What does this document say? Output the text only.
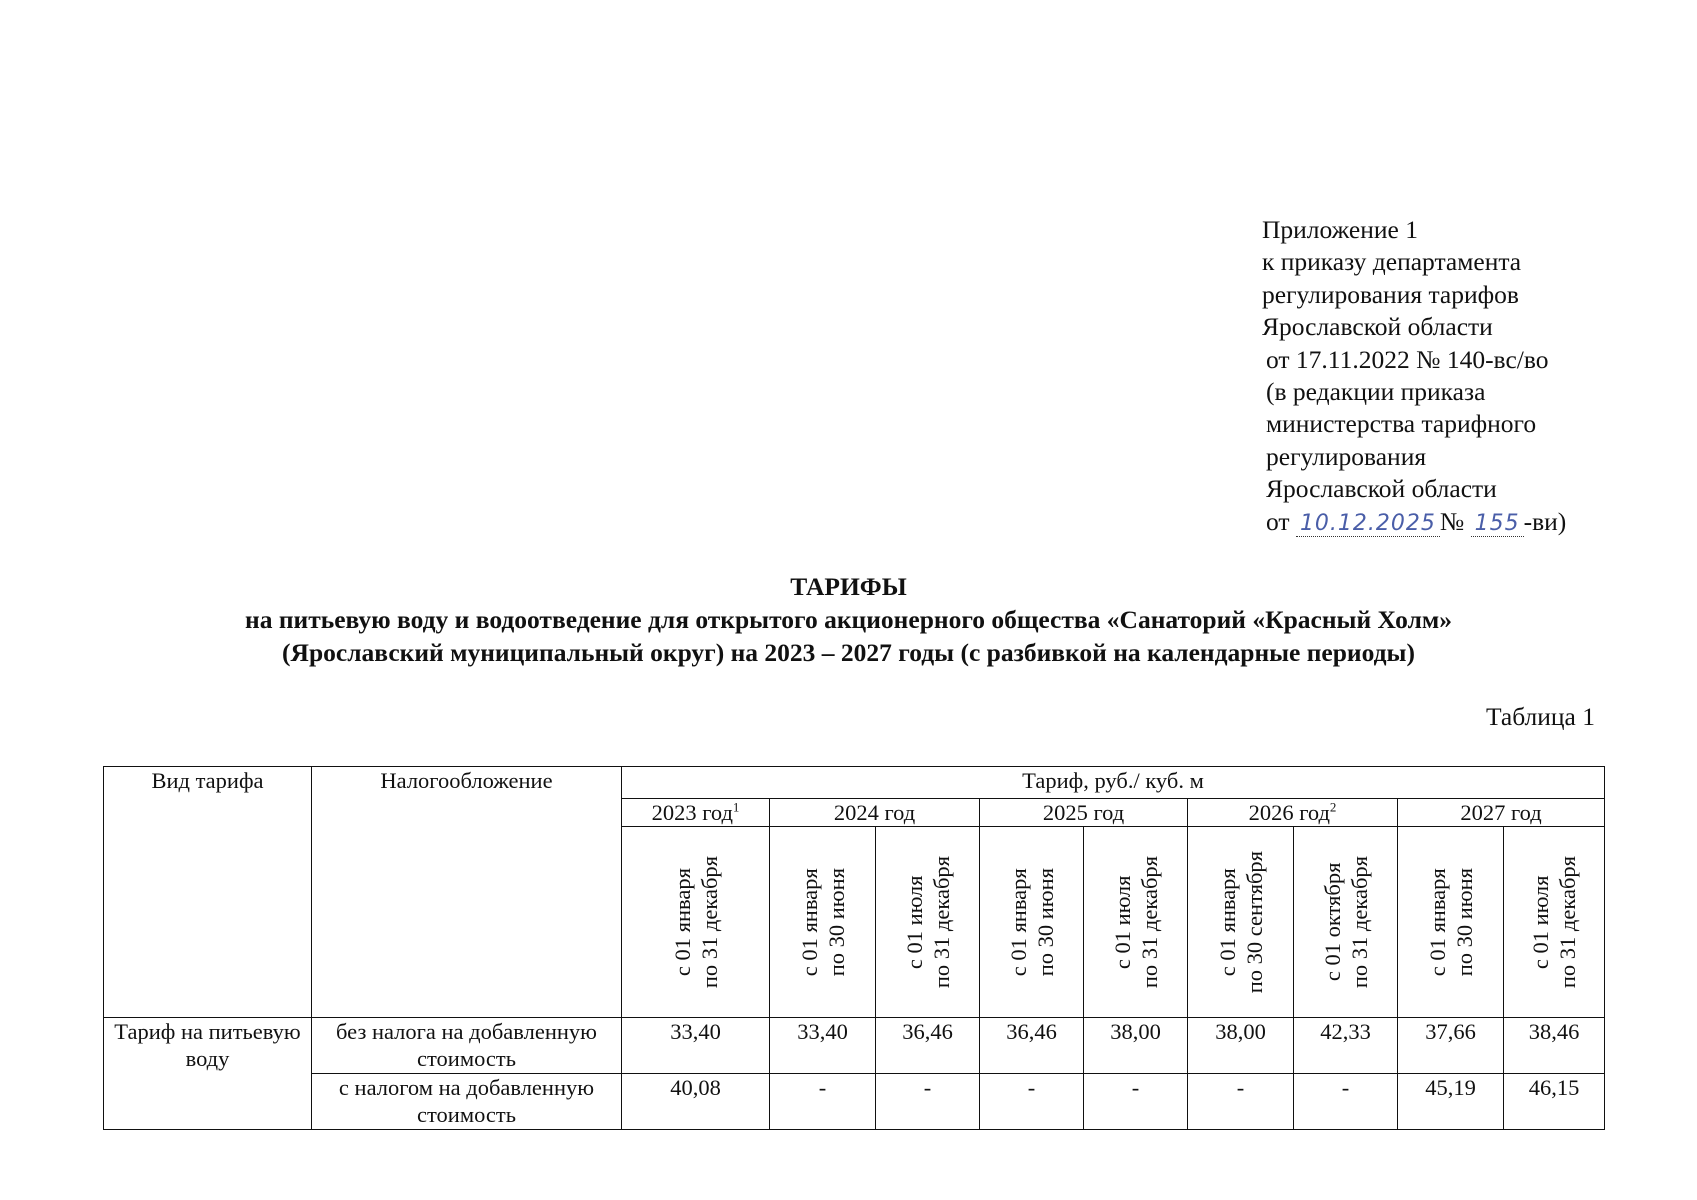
Приложение 1
к приказу департамента
регулирования тарифов
Ярославской области
от 17.11.2022 № 140-вс/во
(в редакции приказа
министерства тарифного
регулирования
Ярославской области
от 10.12.2025 № 155 -ви)
ТАРИФЫ
на питьевую воду и водоотведение для открытого акционерного общества «Санаторий «Красный Холм»
(Ярославский муниципальный округ) на 2023 – 2027 годы (с разбивкой на календарные периоды)
Таблица 1
Вид тарифа	Налогообложение	Тариф, руб./ куб. м								
		2023 год$^1$	2024 год		2025 год		2026 год$^2$		2027 год	

		с 01 января по 31 декабря	с 01 января по 30 июня	с 01 июля по 31 декабря	с 01 января по 30 июня	с 01 июля по 31 декабря	с 01 января по 30 сентября	с 01 октября по 31 декабря	с 01 января по 30 июня	с 01 июля по 31 декабря

Тариф на питьевую воду	без налога на добавленную стоимость	33,40	33,40	36,46	36,46	38,00	38,00	42,33	37,66	38,46
	с налогом на добавленную стоимость	40,08	-	-	-	-	-	-	45,19	46,15
